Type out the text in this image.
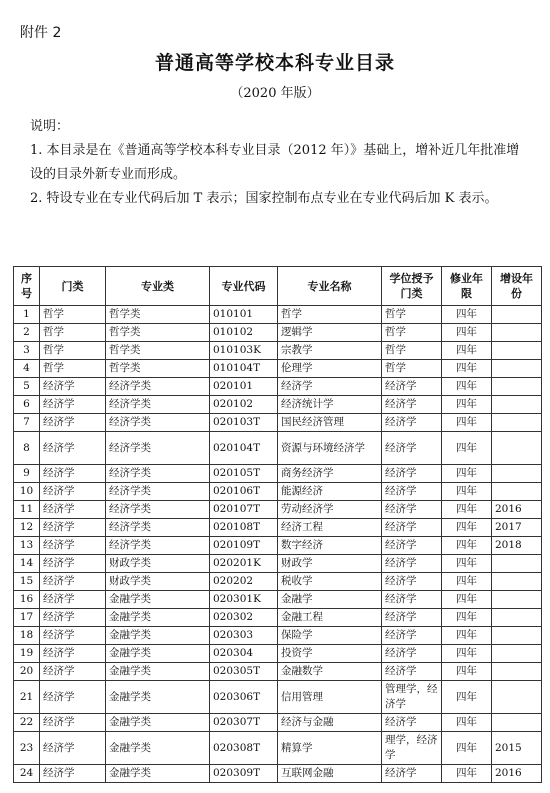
附件 2
普通高等学校本科专业目录
（2020 年版）

说明：

1. 本目录是在《普通高等学校本科专业目录（2012 年）》基础上，增补近几年批准增设的目录外新专业而形成。

2. 特设专业在专业代码后加 T 表示；国家控制布点专业在专业代码后加 K 表示。

序号	门类	专业类	专业代码	专业名称	学位授予门类	修业年限	增设年份
1	哲学	哲学类	010101	哲学	哲学	四年	
2	哲学	哲学类	010102	逻辑学	哲学	四年	
3	哲学	哲学类	010103K	宗教学	哲学	四年	
4	哲学	哲学类	010104T	伦理学	哲学	四年	
5	经济学	经济学类	020101	经济学	经济学	四年	
6	经济学	经济学类	020102	经济统计学	经济学	四年	
7	经济学	经济学类	020103T	国民经济管理	经济学	四年	
8	经济学	经济学类	020104T	资源与环境经济学	经济学	四年	
9	经济学	经济学类	020105T	商务经济学	经济学	四年	
10	经济学	经济学类	020106T	能源经济	经济学	四年	
11	经济学	经济学类	020107T	劳动经济学	经济学	四年	2016
12	经济学	经济学类	020108T	经济工程	经济学	四年	2017
13	经济学	经济学类	020109T	数字经济	经济学	四年	2018
14	经济学	财政学类	020201K	财政学	经济学	四年	
15	经济学	财政学类	020202	税收学	经济学	四年	
16	经济学	金融学类	020301K	金融学	经济学	四年	
17	经济学	金融学类	020302	金融工程	经济学	四年	
18	经济学	金融学类	020303	保险学	经济学	四年	
19	经济学	金融学类	020304	投资学	经济学	四年	
20	经济学	金融学类	020305T	金融数学	经济学	四年	
21	经济学	金融学类	020306T	信用管理	管理学，经济学	四年	
22	经济学	金融学类	020307T	经济与金融	经济学	四年	
23	经济学	金融学类	020308T	精算学	理学，经济学	四年	2015
24	经济学	金融学类	020309T	互联网金融	经济学	四年	2016
